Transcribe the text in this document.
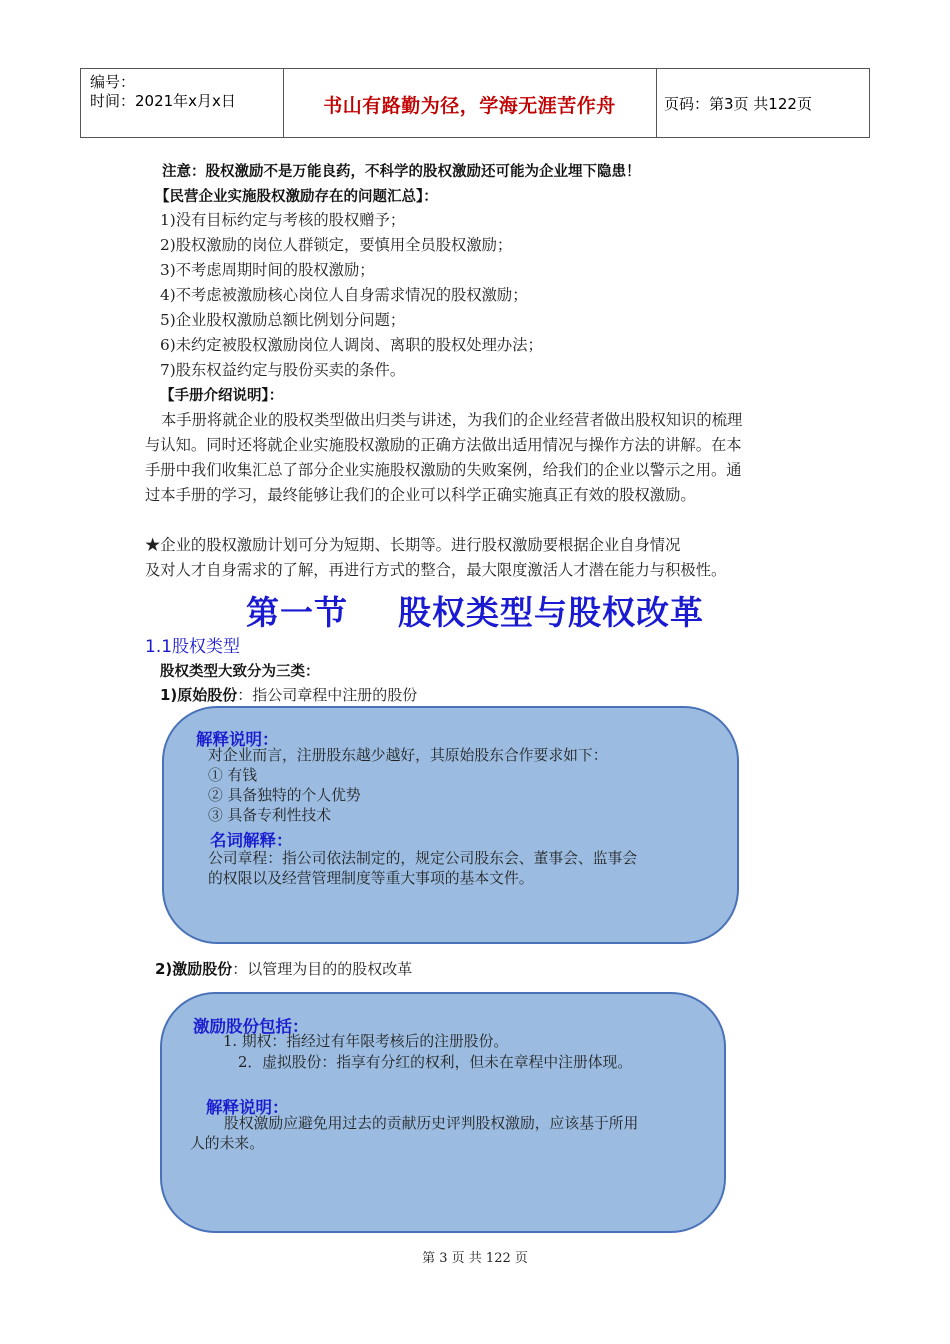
编号：
时间：2021年x月x日	书山有路勤为径，学海无涯苦作舟	页码：第3页 共122页
注意：股权激励不是万能良药，不科学的股权激励还可能为企业埋下隐患！
【民营企业实施股权激励存在的问题汇总】：
1)没有目标约定与考核的股权赠予；
2)股权激励的岗位人群锁定，要慎用全员股权激励；
3)不考虑周期时间的股权激励；
4)不考虑被激励核心岗位人自身需求情况的股权激励；
5)企业股权激励总额比例划分问题；
6)未约定被股权激励岗位人调岗、离职的股权处理办法；
7)股东权益约定与股份买卖的条件。
【手册介绍说明】：
本手册将就企业的股权类型做出归类与讲述，为我们的企业经营者做出股权知识的梳理
与认知。同时还将就企业实施股权激励的正确方法做出适用情况与操作方法的讲解。在本
手册中我们收集汇总了部分企业实施股权激励的失败案例，给我们的企业以警示之用。通
过本手册的学习，最终能够让我们的企业可以科学正确实施真正有效的股权激励。
★企业的股权激励计划可分为短期、长期等。进行股权激励要根据企业自身情况
及对人才自身需求的了解，再进行方式的整合，最大限度激活人才潜在能力与积极性。
第一节    股权类型与股权改革
1.1股权类型
股权类型大致分为三类：
1)原始股份：指公司章程中注册的股份
解释说明：
对企业而言，注册股东越少越好，其原始股东合作要求如下：
① 有钱
② 具备独特的个人优势
③ 具备专利性技术
名词解释：
公司章程：指公司依法制定的，规定公司股东会、董事会、监事会
的权限以及经营管理制度等重大事项的基本文件。
2)激励股份：以管理为目的的股权改革
激励股份包括：
1. 期权：指经过有年限考核后的注册股份。
2．虚拟股份：指享有分红的权利，但未在章程中注册体现。
解释说明：
股权激励应避免用过去的贡献历史评判股权激励，应该基于所用
人的未来。
第 3 页 共 122 页
